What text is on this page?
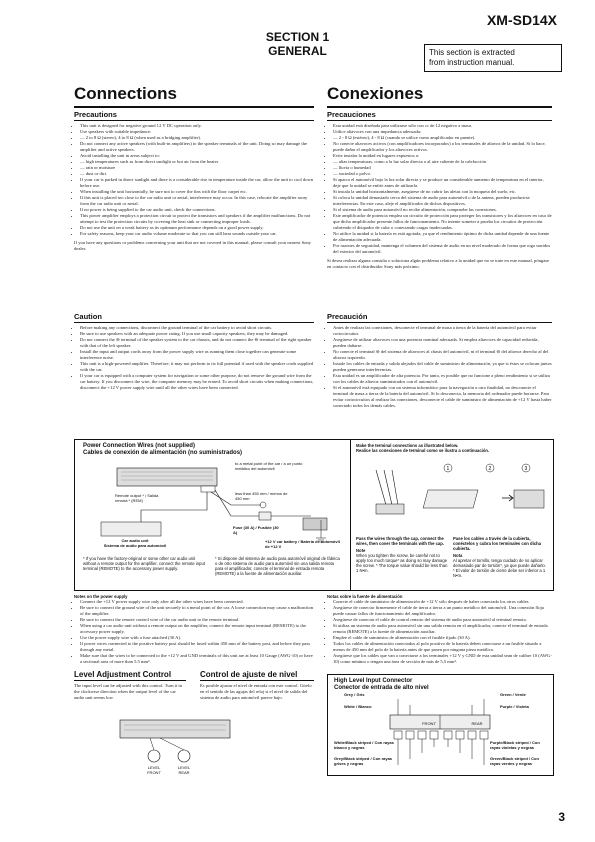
XM-SD14X
SECTION 1
GENERAL	This section is extracted
from instruction manual.
Connections	Conexiones
Precautions
• This unit is designed for negative ground 12 V DC operation only.
• Use speakers with suitable impedance:
• — 2 to 8 Ω (stereo), 4 to 8 Ω (when used as a bridging amplifier).
• Do not connect any active speakers (with built-in amplifiers) to the speaker terminals of the unit. Doing so may damage the amplifier and active speakers.
• Avoid installing the unit in areas subject to:
• — high temperatures such as from direct sunlight or hot air from the heater
• — rain or moisture
• — dust or dirt.
• If your car is parked in direct sunlight and there is a considerable rise in temperature inside the car, allow the unit to cool down before use.
• When installing the unit horizontally, be sure not to cover the fins with the floor carpet etc.
• If this unit is placed too close to the car radio unit or aerial, interference may occur. In this case, relocate the amplifier away from the car radio unit or aerial.
• If no power is being supplied to the car audio unit, check the connections.
• This power amplifier employs a protection circuit to protect the transistors and speakers if the amplifier malfunctions. Do not attempt to test the protection circuits by covering the heat sink or connecting improper loads.
• Do not use the unit on a weak battery as its optimum performance depends on a good power supply.
• For safety reasons, keep your car audio volume moderate so that you can still hear sounds outside your car.

If you have any questions or problems concerning your unit that are not covered in this manual, please consult your nearest Sony dealer.

Precauciones
• Esta unidad está diseñada para utilizarse sólo con cc de 12 negativo a masa.
• Utilice altavoces con una impedancia adecuada:
• — 2 - 8 Ω (estéreo), 4 - 8 Ω (cuando se utilice como amplificador en puente).
• No conecte altavoces activos (con amplificadores incorporados) a los terminales de altavoz de la unidad. Si lo hace, puede dañar el amplificador y los altavoces activos.
• Evite instalar la unidad en lugares expuestos a:
• — altas temperaturas, como a la luz solar directa o al aire caliente de la calefacción
• — lluvia o humedad
• — suciedad o polvo.
• Si aparca el automóvil bajo la luz solar directa y se produce un considerable aumento de temperatura en el interior, deje que la unidad se enfríe antes de utilizarla.
• Si instala la unidad horizontalmente, asegúrese de no cubrir las aletas con la moqueta del suelo, etc.
• Si coloca la unidad demasiado cerca del sistema de audio para automóvil o de la antena, pueden producirse interferencias. En este caso, aleje el amplificador de dichos dispositivos.
• Si el sistema de audio para automóvil no recibe alimentación, compruebe las conexiones.
• Este amplificador de potencia emplea un circuito de protección para proteger los transistores y los altavoces en caso de que dicho amplificador presente fallos de funcionamiento. No intente someter a prueba los circuitos de protección cubriendo el disipador de calor o conectando cargas inadecuadas.
• No utilice la unidad si la batería es está agotada, ya que el rendimiento óptimo de dicha unidad depende de una fuente de alimentación adecuada.
• Por razones de seguridad, mantenga el volumen del sistema de audio en un nivel moderado de forma que oiga sonidos del exterior del automóvil.

Si desea realizar alguna consulta o soluciona algún problema relativo a la unidad que no se trate en este manual, póngase en contacto con el distribuidor Sony más próximo.

Caution
• Before making any connections, disconnect the ground terminal of the car battery to avoid short circuits.
• Be sure to use speakers with an adequate power rating. If you use small capacity speakers, they may be damaged.
• Do not connect the ⊖ terminal of the speaker system to the car chassis, and do not connect the ⊖ terminal of the right speaker with that of the left speaker.
• Install the input and output cords away from the power supply wire as running them close together can generate some interference noise.
• This unit is a high-powered amplifier. Therefore, it may not perform to its full potential if used with the speaker cords supplied with the car.
• If your car is equipped with a computer system for navigation or some other purpose, do not remove the ground wire from the car battery. If you disconnect the wire, the computer memory may be erased. To avoid short circuits when making connections, disconnect the +12 V power supply wire until all the other wires have been connected.
Precaución
• Antes de realizar las conexiones, desconecte el terminal de masa a tierra de la batería del automóvil para evitar cortocircuitos.
• Asegúrese de utilizar altavoces con una potencia nominal adecuada. Si emplea altavoces de capacidad reducida, pueden dañarse.
• No conecte el terminal ⊖ del sistema de altavoces al chasis del automóvil, ni el terminal ⊖ del altavoz derecho al del altavoz izquierdo.
• Instale los cables de entrada y salida alejados del cable de suministro de alimentación, ya que si éstos se colocan juntos pueden generarse interferencias.
• Esta unidad es un amplificador de alta potencia. Por tanto, es posible que no funcione a pleno rendimiento si se utiliza con los cables de altavoz suministrados con el automóvil.
• Si el automóvil está equipado con un sistema informático para la navegación u otra finalidad, no desconecte el terminal de masa a tierra de la batería del automóvil. Si lo desconecta, la memoria del ordenador puede borrarse. Para evitar cortocircuitos al realizar las conexiones, desconecte el cable de suministro de alimentación de +12 V hasta haber conectado todos los demás cables.
Power Connection Wires (not supplied)
Cables de conexión de alimentación (no suministrados)
to a metal point of the car / a un punto metálico del automóvil
Remote output * / Salida remota * (REM)
less than 450 mm / menos de 450 mm
Car audio unit
Sistema de audio para automóvil
Fuse (30 A) / Fusible (30 A)
+12 V car battery / Batería de automóvil de +12 V
* If you have the factory-original or some other car audio unit without a remote output for the amplifier, connect the remote input terminal (REMOTE) to the accessory power supply.
* Si dispone del sistema de audio para automóvil original de fábrica o de otro sistema de audio para automóvil sin una salida remota para el amplificador, conecte el terminal de entrada remota (REMOTE) a la fuente de alimentación auxiliar.
Make the terminal connections as illustrated below.
Realice las conexiones de terminal como se ilustra a continuación.
1	2	3
Pass the wires through the cap, connect the wires, then cover the terminals with the cap.
Note
When you tighten the screw, be careful not to apply too much torque* as doing so may damage the screw. * The torque value should be less than 1 N•m.
Pase los cables a través de la cubierta, conéctelos y cubra los terminales con dicha cubierta.
Nota
Al apretar el tornillo, tenga cuidado de no aplicar demasiado par de torsión*, ya que puede dañarlo. * El valor de torsión de cierre debe ser inferior a 1 N•m.
Notes on the power supply
• Connect the +12 V power supply wire only after all the other wires have been connected.
• Be sure to connect the ground wire of the unit securely to a metal point of the car. A loose connection may cause a malfunction of the amplifier.
• Be sure to connect the remote control wire of the car audio unit to the remote terminal.
• When using a car audio unit without a remote output on the amplifier, connect the remote input terminal (REMOTE) to the accessory power supply.
• Use the power supply wire with a fuse attached (30 A).
• If power wires connected to the positive battery post should be fused within 450 mm of the battery post, and before they pass through any metal.
• Make sure that the wires to be connected to the +12 V and GND terminals of this unit are at least 10 Gauge (AWG-10) or have a sectional area of more than 5.5 mm².
Notas sobre la fuente de alimentación
• Conecte el cable de suministro de alimentación de +12 V sólo después de haber conectado los otros cables.
• Asegúrese de conectar firmemente el cable de tierra a tierra a un punto metálico del automóvil. Una conexión floja puede causar fallos de funcionamiento del amplificador.
• Asegúrese de conectar el cable de control remoto del sistema de audio para automóvil al terminal remoto.
• Si utiliza un sistema de audio para automóvil sin una salida remota en el amplificador, conecte el terminal de entrada remota (REMOTE) a la fuente de alimentación auxiliar.
• Emplee el cable de suministro de alimentación con el fusible fijado (30 A).
• Todos los cables de alimentación conectados al polo positivo de la batería deben conectarse a un fusible situado a menos de 450 mm del polo de la batería antes de que pasen por ninguna pieza metálica.
• Asegúrese que los cables que van a conectarse a los terminales +12 V y GND de esta unidad sean de calibre 10 (AWG-10) como mínimo o tengan una área de sección de más de 5,5 mm².
Level Adjustment Control
The input level can be adjusted with this control. Turn it in the clockwise direction when the output level of the car audio unit seems low.
Control de ajuste de nivel
Es posible ajustar el nivel de entrada con este control. Gírelo en el sentido de las agujas del reloj si el nivel de salida del sistema de audio para automóvil parece bajo.
LEVEL FRONT
LEVEL REAR
High Level Input Connector
Conector de entrada de alto nivel
FRONT	REAR
Grey / Gris
White / Blanco
Green / Verde
Purple / Violeta
White/Black striped / Con rayas blanco y negras
Grey/Black striped / Con rayas grises y negras
Purple/Black striped / Con rayas violetas y negras
Green/Black striped / Con rayas verdes y negras
3
